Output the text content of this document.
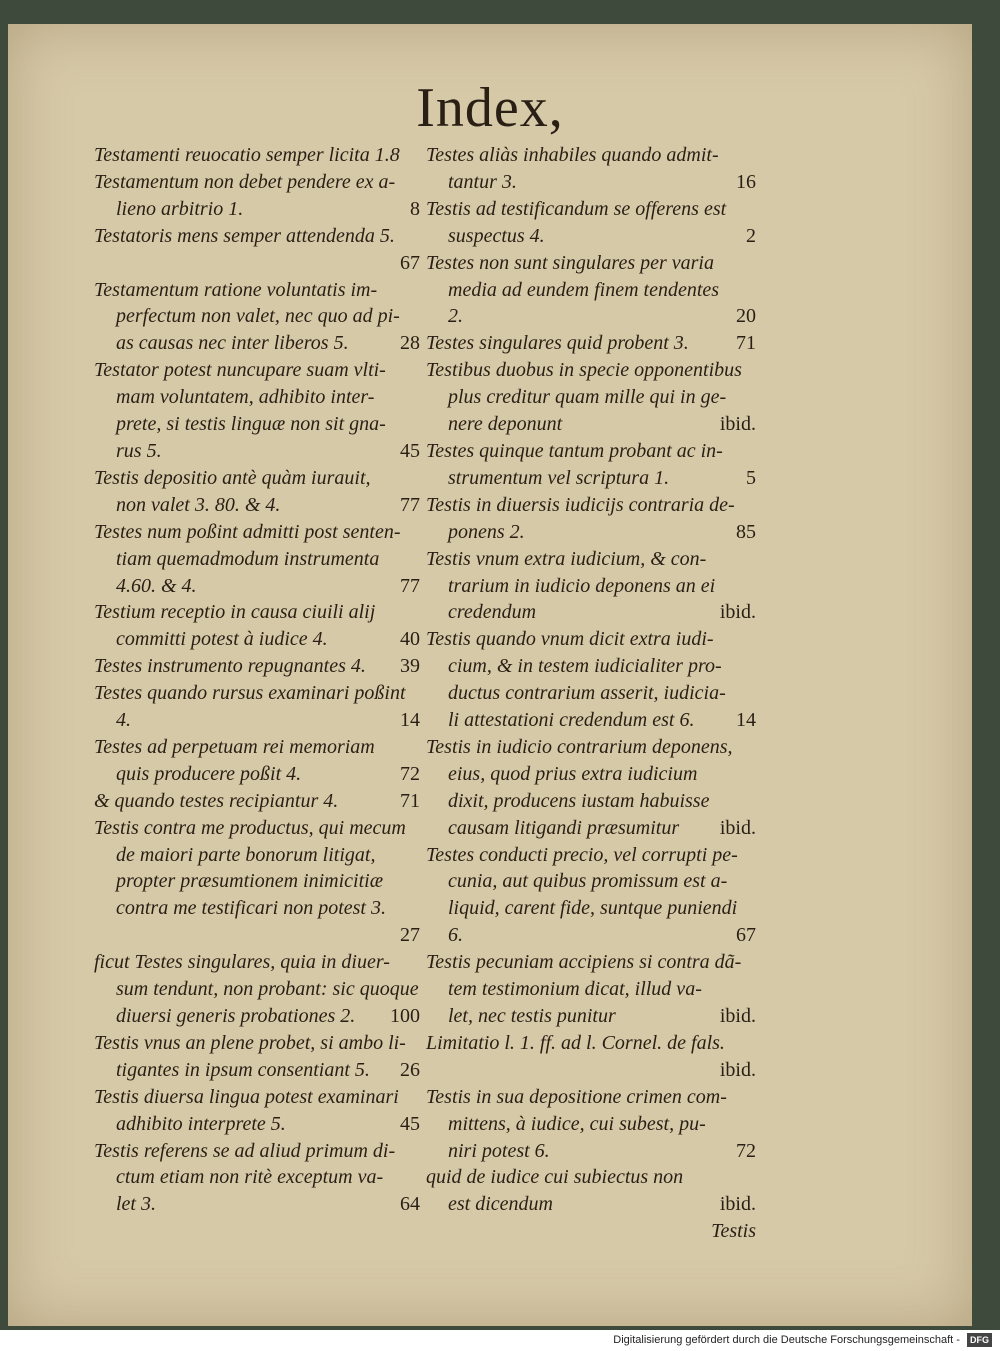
Index,
Testamenti reuocatio semper licita 1.8
Testamentum non debet pendere ex a-
8
lieno arbitrio 1.
Testatoris mens semper attendenda 5.
67
Testamentum ratione voluntatis im-
perfectum non valet, nec quo ad pi-
28
as causas nec inter liberos 5.
Testator potest nuncupare suam vlti-
mam voluntatem, adhibito inter-
prete, si testis linguæ non sit gna-
45
rus 5.
Testis depositio antè quàm iurauit,
77
non valet 3. 80. & 4.
Testes num poßint admitti post senten-
tiam quemadmodum instrumenta
77
4.60. & 4.
Testium receptio in causa ciuili alij
40
committi potest à iudice 4.
39
Testes instrumento repugnantes 4.
Testes quando rursus examinari poßint
14
4.
Testes ad perpetuam rei memoriam
72
quis producere poßit 4.
71
& quando testes recipiantur 4.
Testis contra me productus, qui mecum
de maiori parte bonorum litigat,
propter præsumtionem inimicitiæ
contra me testificari non potest 3.
27
ficut Testes singulares, quia in diuer-
sum tendunt, non probant: sic quoque
100
diuersi generis probationes 2.
Testis vnus an plene probet, si ambo li-
26
tigantes in ipsum consentiant 5.
Testis diuersa lingua potest examinari
45
adhibito interprete 5.
Testis referens se ad aliud primum di-
ctum etiam non ritè exceptum va-
64
let 3.
Testes aliàs inhabiles quando admit-
16
tantur 3.
Testis ad testificandum se offerens est
2
suspectus 4.
Testes non sunt singulares per varia
media ad eundem finem tendentes
20
2.
71
Testes singulares quid probent 3.
Testibus duobus in specie opponentibus
plus creditur quam mille qui in ge-
ibid.
nere deponunt
Testes quinque tantum probant ac in-
5
strumentum vel scriptura 1.
Testis in diuersis iudicijs contraria de-
85
ponens 2.
Testis vnum extra iudicium, & con-
trarium in iudicio deponens an ei
ibid.
credendum
Testis quando vnum dicit extra iudi-
cium, & in testem iudicialiter pro-
ductus contrarium asserit, iudicia-
14
li attestationi credendum est 6.
Testis in iudicio contrarium deponens,
eius, quod prius extra iudicium
dixit, producens iustam habuisse
ibid.
causam litigandi præsumitur
Testes conducti precio, vel corrupti pe-
cunia, aut quibus promissum est a-
liquid, carent fide, suntque puniendi
67
6.
Testis pecuniam accipiens si contra dã-
tem testimonium dicat, illud va-
ibid.
let, nec testis punitur
Limitatio l. 1. ff. ad l. Cornel. de fals.
ibid.
Testis in sua depositione crimen com-
mittens, à iudice, cui subest, pu-
72
niri potest 6.
quid de iudice cui subiectus non
ibid.
est dicendum
Testis
Digitalisierung gefördert durch die Deutsche Forschungsgemeinschaft - DFG
